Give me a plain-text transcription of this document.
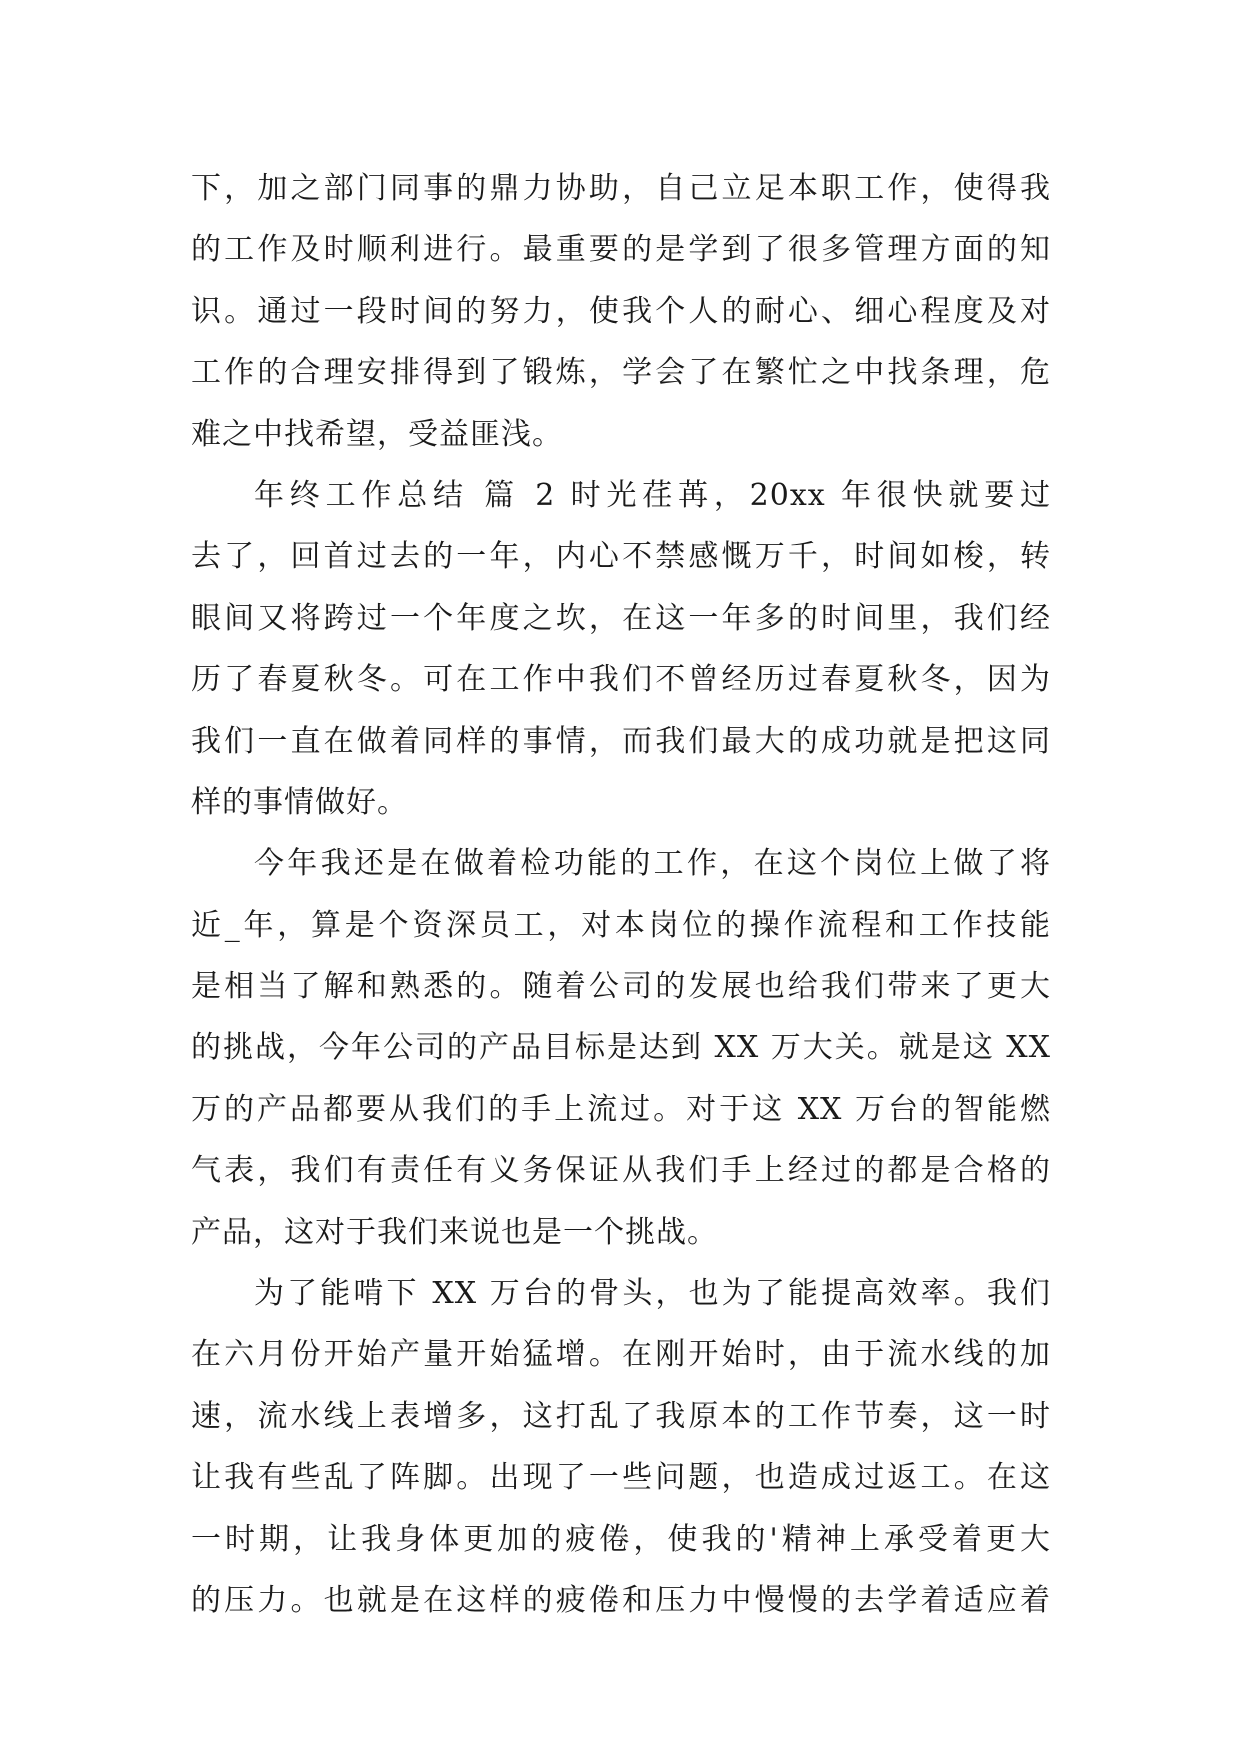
下，加之部门同事的鼎力协助，自己立足本职工作，使得我
的工作及时顺利进行。最重要的是学到了很多管理方面的知
识。通过一段时间的努力，使我个人的耐心、细心程度及对
工作的合理安排得到了锻炼，学会了在繁忙之中找条理，危
难之中找希望，受益匪浅。
年终工作总结 篇 2 时光荏苒，20xx 年很快就要过
去了，回首过去的一年，内心不禁感慨万千，时间如梭，转
眼间又将跨过一个年度之坎，在这一年多的时间里，我们经
历了春夏秋冬。可在工作中我们不曾经历过春夏秋冬，因为
我们一直在做着同样的事情，而我们最大的成功就是把这同
样的事情做好。
今年我还是在做着检功能的工作，在这个岗位上做了将
近_年，算是个资深员工，对本岗位的操作流程和工作技能
是相当了解和熟悉的。随着公司的发展也给我们带来了更大
的挑战，今年公司的产品目标是达到 XX 万大关。就是这 XX
万的产品都要从我们的手上流过。对于这 XX 万台的智能燃
气表，我们有责任有义务保证从我们手上经过的都是合格的
产品，这对于我们来说也是一个挑战。
为了能啃下 XX 万台的骨头，也为了能提高效率。我们
在六月份开始产量开始猛增。在刚开始时，由于流水线的加
速，流水线上表增多，这打乱了我原本的工作节奏，这一时
让我有些乱了阵脚。出现了一些问题，也造成过返工。在这
一时期，让我身体更加的疲倦，使我的'精神上承受着更大
的压力。也就是在这样的疲倦和压力中慢慢的去学着适应着
